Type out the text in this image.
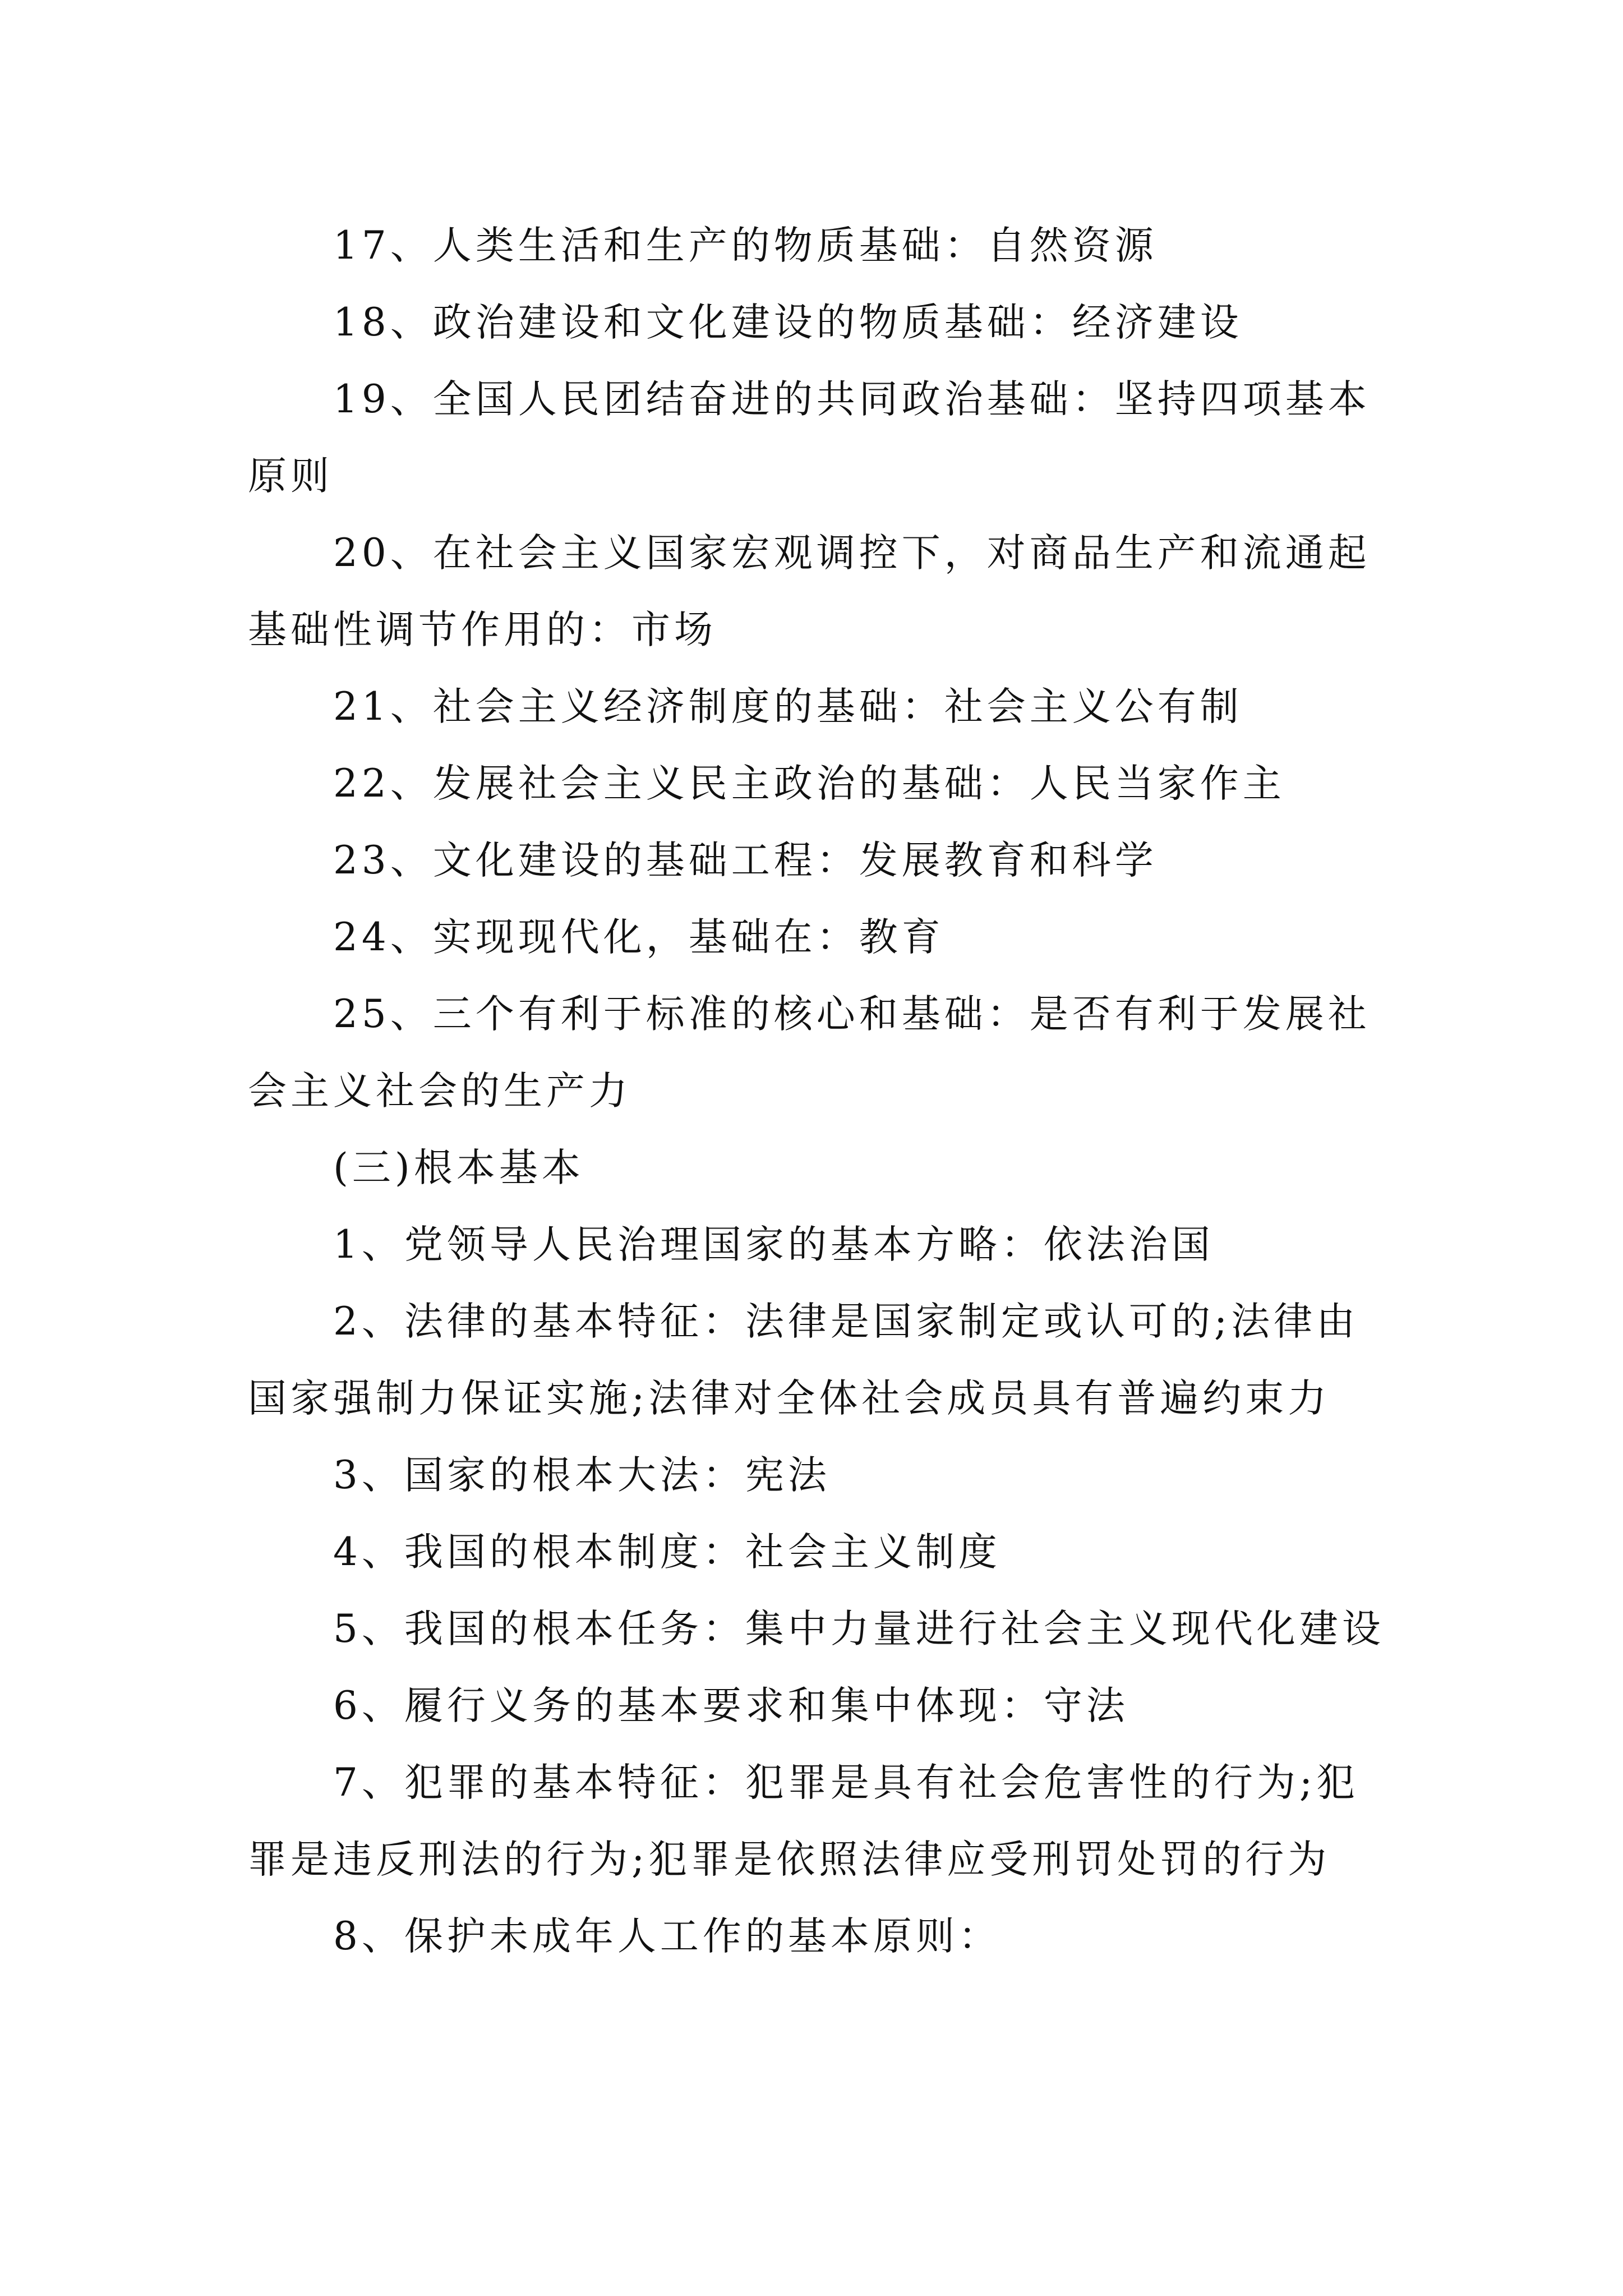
17、人类生活和生产的物质基础：自然资源

18、政治建设和文化建设的物质基础：经济建设

19、全国人民团结奋进的共同政治基础：坚持四项基本原则

20、在社会主义国家宏观调控下，对商品生产和流通起基础性调节作用的：市场

21、社会主义经济制度的基础：社会主义公有制

22、发展社会主义民主政治的基础：人民当家作主

23、文化建设的基础工程：发展教育和科学

24、实现现代化，基础在：教育

25、三个有利于标准的核心和基础：是否有利于发展社会主义社会的生产力

(三)根本基本

1、党领导人民治理国家的基本方略：依法治国

2、法律的基本特征：法律是国家制定或认可的;法律由国家强制力保证实施;法律对全体社会成员具有普遍约束力

3、国家的根本大法：宪法

4、我国的根本制度：社会主义制度

5、我国的根本任务：集中力量进行社会主义现代化建设

6、履行义务的基本要求和集中体现：守法

7、犯罪的基本特征：犯罪是具有社会危害性的行为;犯罪是违反刑法的行为;犯罪是依照法律应受刑罚处罚的行为

8、保护未成年人工作的基本原则：
